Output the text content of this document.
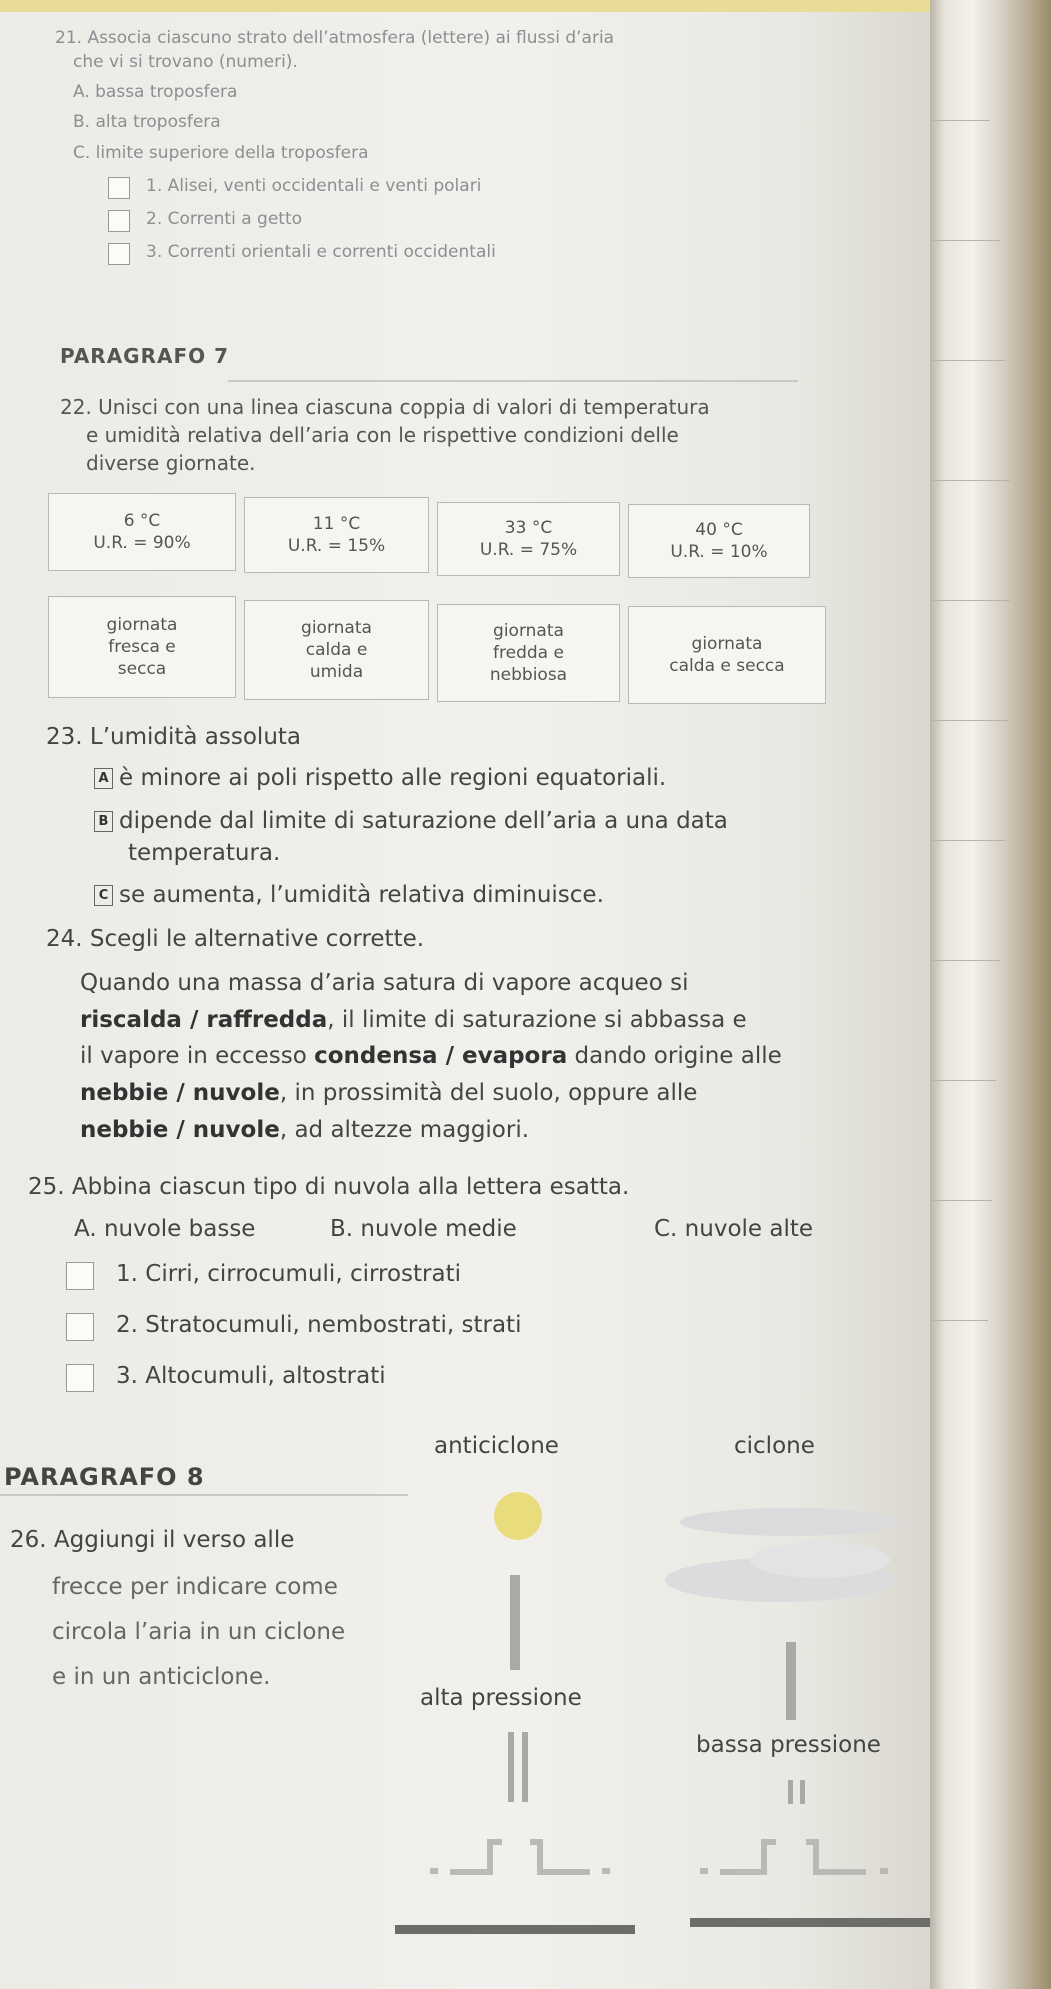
21. Associa ciascuno strato dell’atmosfera (lettere) ai flussi d’aria
che vi si trovano (numeri).
A. bassa troposfera
B. alta troposfera
C. limite superiore della troposfera
1. Alisei, venti occidentali e venti polari
2. Correnti a getto
3. Correnti orientali e correnti occidentali
PARAGRAFO 7
22. Unisci con una linea ciascuna coppia di valori di temperatura
e umidità relativa dell’aria con le rispettive condizioni delle
diverse giornate.
6 °C
U.R. = 90%
11 °C
U.R. = 15%
33 °C
U.R. = 75%
40 °C
U.R. = 10%
giornata
fresca e
secca
giornata
calda e
umida
giornata
fredda e
nebbiosa
giornata
calda e secca
23. L’umidità assoluta
A è minore ai poli rispetto alle regioni equatoriali.
B dipende dal limite di saturazione dell’aria a una data
temperatura.
C se aumenta, l’umidità relativa diminuisce.
24. Scegli le alternative corrette.
Quando una massa d’aria satura di vapore acqueo si
riscalda / raffredda, il limite di saturazione si abbassa e
il vapore in eccesso condensa / evapora dando origine alle
nebbie / nuvole, in prossimità del suolo, oppure alle
nebbie / nuvole, ad altezze maggiori.
25. Abbina ciascun tipo di nuvola alla lettera esatta.
A. nuvole basse	B. nuvole medie	C. nuvole alte
1. Cirri, cirrocumuli, cirrostrati
2. Stratocumuli, nembostrati, strati
3. Altocumuli, altostrati
PARAGRAFO 8
26. Aggiungi il verso alle
frecce per indicare come
circola l’aria in un ciclone
e in un anticiclone.
anticiclone	ciclone
alta pressione
bassa pressione
